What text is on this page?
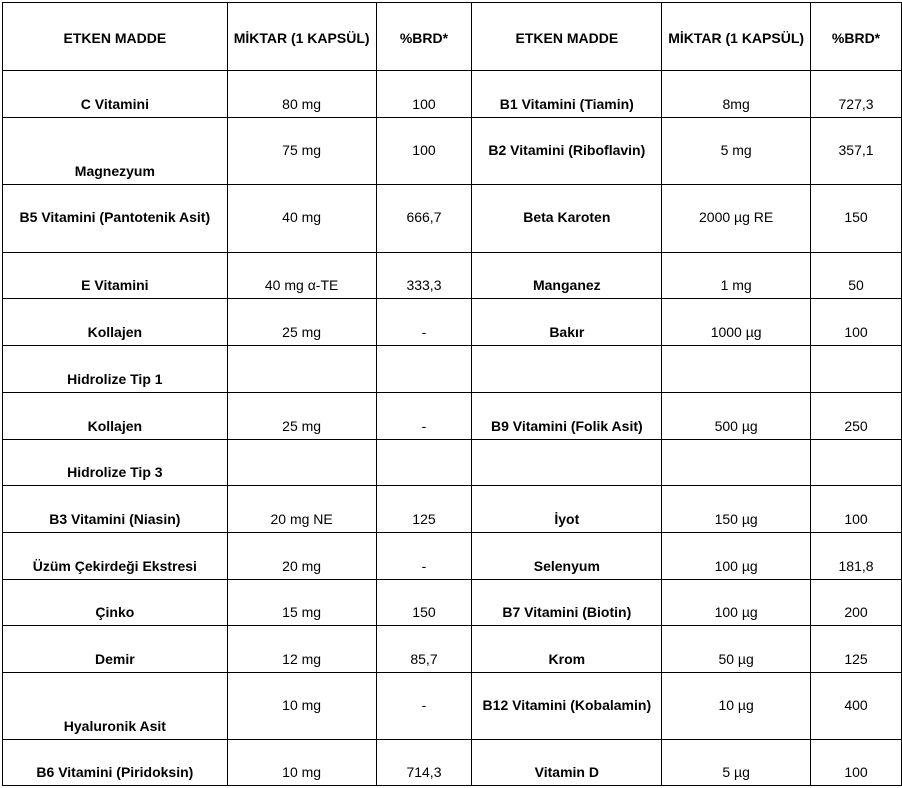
ETKEN MADDE	MİKTAR (1 KAPSÜL)	%BRD*	ETKEN MADDE	MİKTAR (1 KAPSÜL)	%BRD*
C Vitamini	80 mg	100	B1 Vitamini (Tiamin)	8mg	727,3
Magnezyum	75 mg	100	B2 Vitamini (Riboflavin)	5 mg	357,1
B5 Vitamini (Pantotenik Asit)	40 mg	666,7	Beta Karoten	2000 µg RE	150
E Vitamini	40 mg α-TE	333,3	Manganez	1 mg	50
Kollajen	25 mg	-	Bakır	1000 µg	100
Hidrolize Tip 1					
Kollajen	25 mg	-	B9 Vitamini (Folik Asit)	500 µg	250
Hidrolize Tip 3					
B3 Vitamini (Niasin)	20 mg NE	125	İyot	150 µg	100
Üzüm Çekirdeği Ekstresi	20 mg	-	Selenyum	100 µg	181,8
Çinko	15 mg	150	B7 Vitamini (Biotin)	100 µg	200
Demir	12 mg	85,7	Krom	50 µg	125
Hyaluronik Asit	10 mg	-	B12 Vitamini (Kobalamin)	10 µg	400
B6 Vitamini (Piridoksin)	10 mg	714,3	Vitamin D	5 µg	100
